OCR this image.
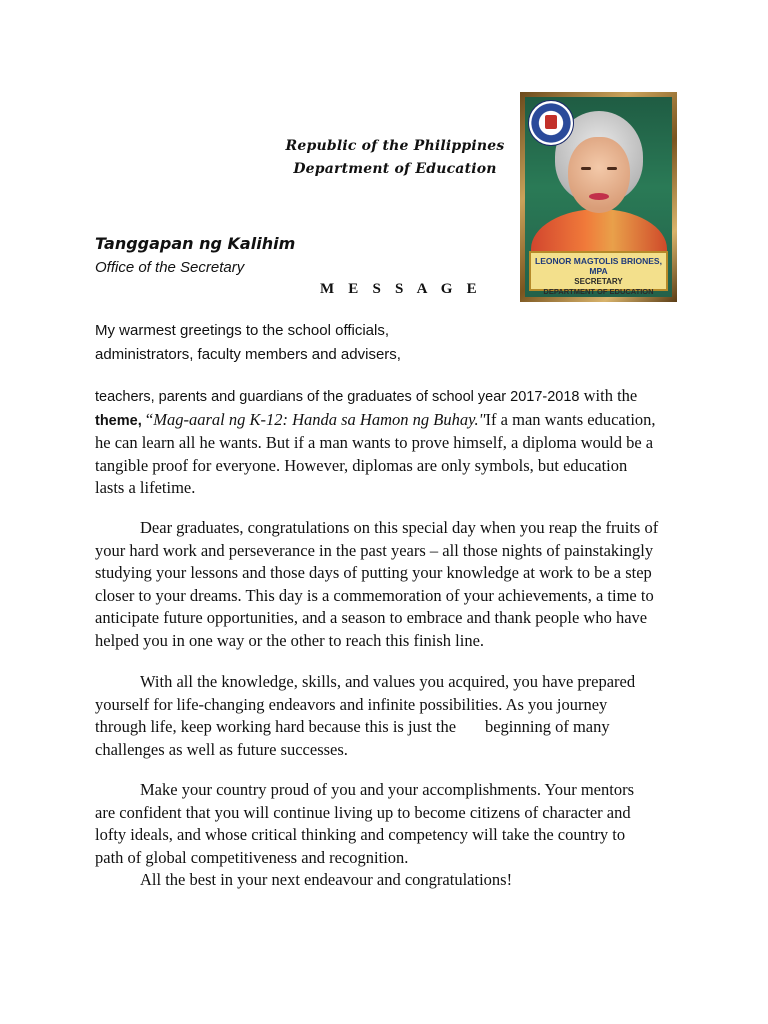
Republic of the Philippines
Department of Education
LEONOR MAGTOLIS BRIONES, MPA
SECRETARY
DEPARTMENT OF EDUCATION
Tanggapan ng Kalihim
Office of the Secretary
M E S S A G E
My warmest greetings to the school officials,
administrators, faculty members and advisers,

teachers, parents and guardians of the graduates of school year 2017-2018 with the

theme, “Mag-aaral ng K-12: Handa sa Hamon ng Buhay."If a man wants education,

he can learn all he wants. But if a man wants to prove himself, a diploma would be a

tangible proof for everyone. However, diplomas are only symbols, but education

lasts a lifetime.

Dear graduates, congratulations on this special day when you reap the fruits of

your hard work and perseverance in the past years – all those nights of painstakingly

studying your lessons and those days of putting your knowledge at work to be a step

closer to your dreams. This day is a commemoration of your achievements, a time to

anticipate future opportunities, and a season to embrace and thank people who have

helped you in one way or the other to reach this finish line.

With all the knowledge, skills, and values you acquired, you have prepared

yourself for life-changing endeavors and infinite possibilities. As you journey

through life, keep working hard because this is just the       beginning of many

challenges as well as future successes.

Make your country proud of you and your accomplishments. Your mentors

are confident that you will continue living up to become citizens of character and

lofty ideals, and whose critical thinking and competency will take the country to

path of global competitiveness and recognition.

All the best in your next endeavour and congratulations!
